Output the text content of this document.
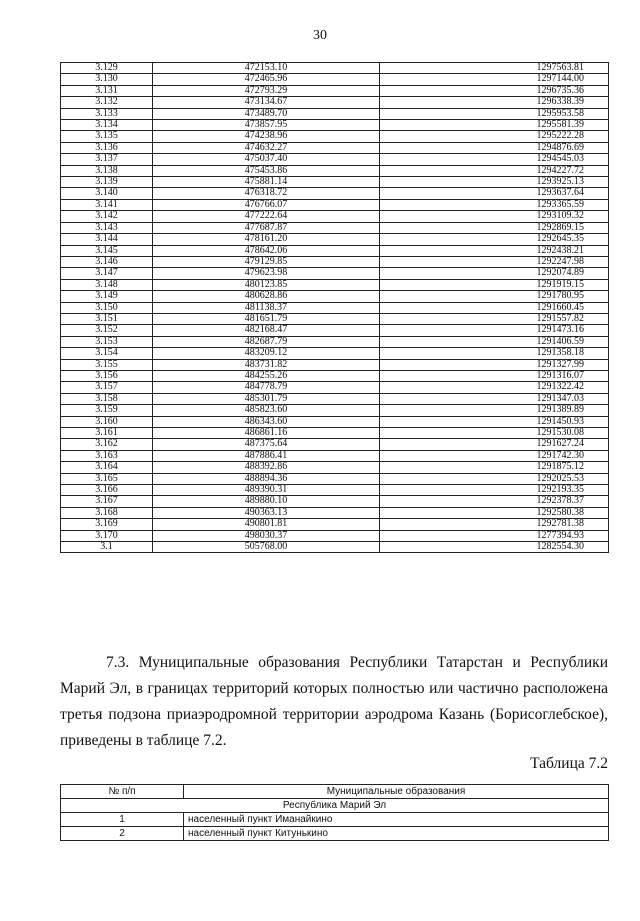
30
3.129	472153.10	1297563.81
3.130	472465.96	1297144.00
3.131	472793.29	1296735.36
3.132	473134.67	1296338.39
3.133	473489.70	1295953.58
3.134	473857.95	1295581.39
3.135	474238.96	1295222.28
3.136	474632.27	1294876.69
3.137	475037.40	1294545.03
3.138	475453.86	1294227.72
3.139	475881.14	1293925.13
3.140	476318.72	1293637.64
3.141	476766.07	1293365.59
3.142	477222.64	1293109.32
3.143	477687.87	1292869.15
3.144	478161.20	1292645.35
3.145	478642.06	1292438.21
3.146	479129.85	1292247.98
3.147	479623.98	1292074.89
3.148	480123.85	1291919.15
3.149	480628.86	1291780.95
3.150	481138.37	1291660.45
3.151	481651.79	1291557.82
3.152	482168.47	1291473.16
3.153	482687.79	1291406.59
3.154	483209.12	1291358.18
3.155	483731.82	1291327.99
3.156	484255.26	1291316.07
3.157	484778.79	1291322.42
3.158	485301.79	1291347.03
3.159	485823.60	1291389.89
3.160	486343.60	1291450.93
3.161	486861.16	1291530.08
3.162	487375.64	1291627.24
3.163	487886.41	1291742.30
3.164	488392.86	1291875.12
3.165	488894.36	1292025.53
3.166	489390.31	1292193.35
3.167	489880.10	1292378.37
3.168	490363.13	1292580.38
3.169	490801.81	1292781.38
3.170	498030.37	1277394.93
3.1	505768.00	1282554.30
7.3. Муниципальные образования Республики Татарстан и Республики Марий Эл, в границах территорий которых полностью или частично расположена третья подзона приаэродромной территории аэродрома Казань (Борисоглебское), приведены в таблице 7.2.
Таблица 7.2
№ п/п	Муниципальные образования
Республика Марий Эл	
1	населенный пункт Иманайкино
2	населенный пункт Китунькино
